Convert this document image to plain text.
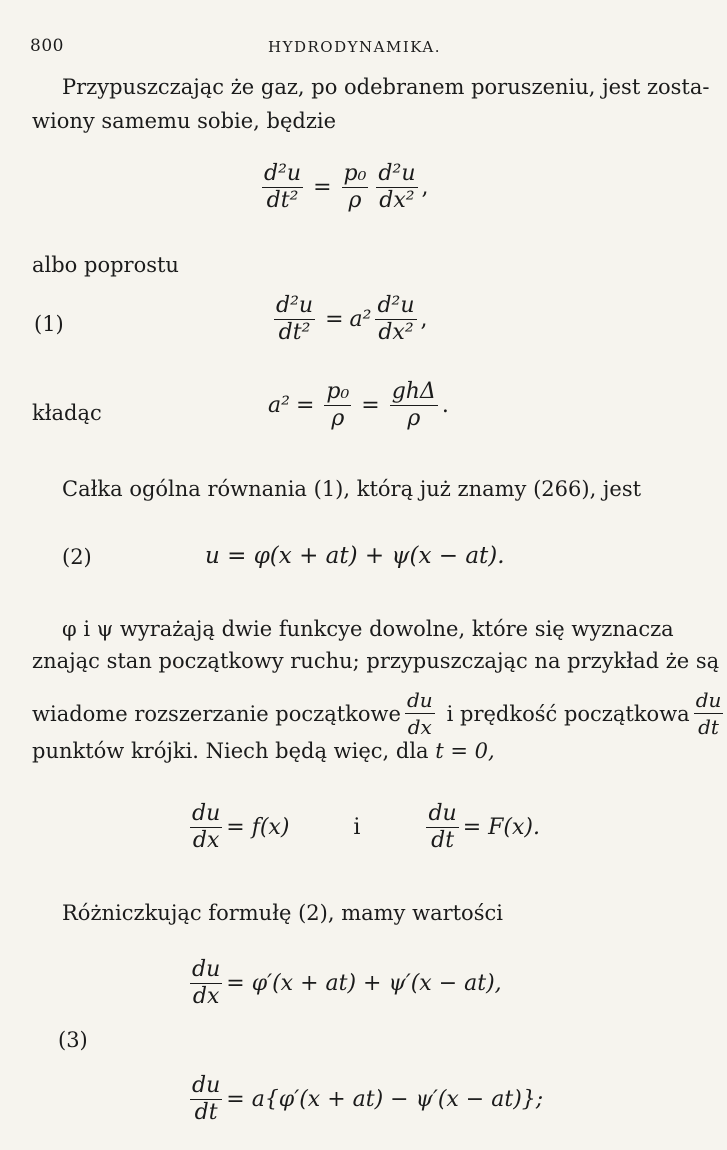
800	HYDRODYNAMIKA.
Przypuszczając że gaz, po odebranem poruszeniu, jest zosta-
wiony samemu sobie, będzie
$\frac{\text{d²u}}{\text{dt²}} = \frac{\text{p₀}}{\rho} \frac{\text{d²u}}{\text{dx²}}$ ,
albo poprostu
(1)	$\frac{\text{d²u}}{\text{dt²}} = a^2 \frac{\text{d²u}}{\text{dx²}}$ ,
kładąc	$a^2 = \frac{\text{p₀}}{\rho} = \frac{\text{ghΔ}}{\rho}$ .
Całka ogólna równania (1), którą już znamy (266), jest
(2)	u = φ(x + at) + ψ(x − at).
φ i ψ wyrażają dwie funkcye dowolne, które się wyznacza
znając stan początkowy ruchu; przypuszczając na przykład że są
wiadome rozszerzanie początkowe $\frac{du}{dx}$ i prędkość początkowa $\frac{du}{dt}$
punktów krójki. Niech będą więc, dla t = 0,
$\frac{du}{dx} = f(x)$	i	$\frac{du}{dt} = F(x)$.
Różniczkując formułę (2), mamy wartości
$\frac{du}{dx} = \varphi'(x + at) + \psi'(x - at)$,
(3)
$\frac{du}{dt} = a\{\varphi'(x + at) - \psi'(x - at)\}$;
